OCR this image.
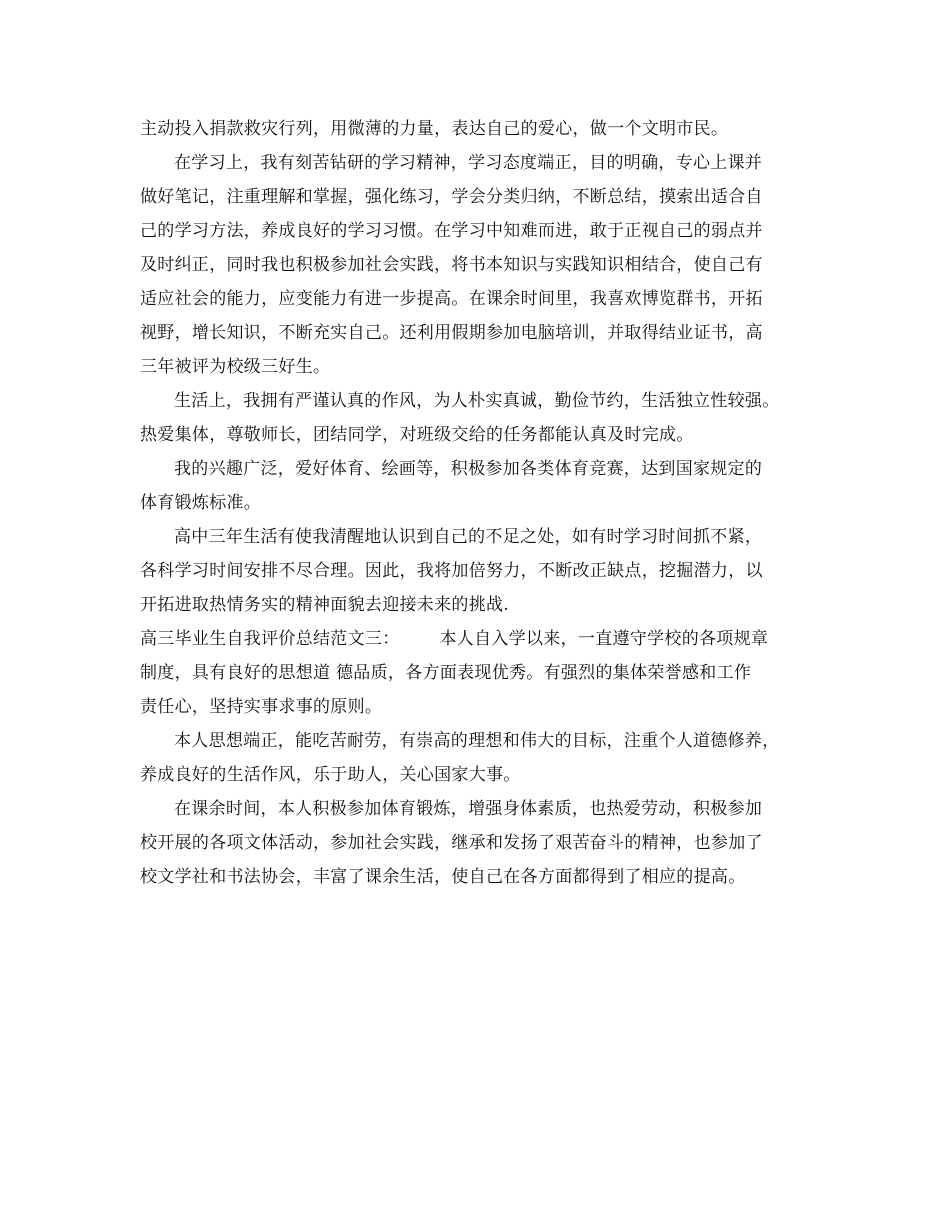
主动投入捐款救灾行列，用微薄的力量，表达自己的爱心，做一个文明市民。
在学习上，我有刻苦钻研的学习精神，学习态度端正，目的明确，专心上课并
做好笔记，注重理解和掌握，强化练习，学会分类归纳，不断总结，摸索出适合自
己的学习方法，养成良好的学习习惯。在学习中知难而进，敢于正视自己的弱点并
及时纠正，同时我也积极参加社会实践，将书本知识与实践知识相结合，使自己有
适应社会的能力，应变能力有进一步提高。在课余时间里，我喜欢博览群书，开拓
视野，增长知识，不断充实自己。还利用假期参加电脑培训，并取得结业证书，高
三年被评为校级三好生。
生活上，我拥有严谨认真的作风，为人朴实真诚，勤俭节约，生活独立性较强。
热爱集体，尊敬师长，团结同学，对班级交给的任务都能认真及时完成。
我的兴趣广泛，爱好体育、绘画等，积极参加各类体育竞赛，达到国家规定的
体育锻炼标准。
高中三年生活有使我清醒地认识到自己的不足之处，如有时学习时间抓不紧，
各科学习时间安排不尽合理。因此，我将加倍努力，不断改正缺点，挖掘潜力，以
开拓进取热情务实的精神面貌去迎接未来的挑战.
高三毕业生自我评价总结范文三： 本人自入学以来，一直遵守学校的各项规章
制度，具有良好的思想道 德品质，各方面表现优秀。有强烈的集体荣誉感和工作
责任心，坚持实事求事的原则。
本人思想端正，能吃苦耐劳，有崇高的理想和伟大的目标，注重个人道德修养，
养成良好的生活作风，乐于助人，关心国家大事。
在课余时间，本人积极参加体育锻炼，增强身体素质，也热爱劳动，积极参加
校开展的各项文体活动，参加社会实践，继承和发扬了艰苦奋斗的精神，也参加了
校文学社和书法协会，丰富了课余生活，使自己在各方面都得到了相应的提高。
